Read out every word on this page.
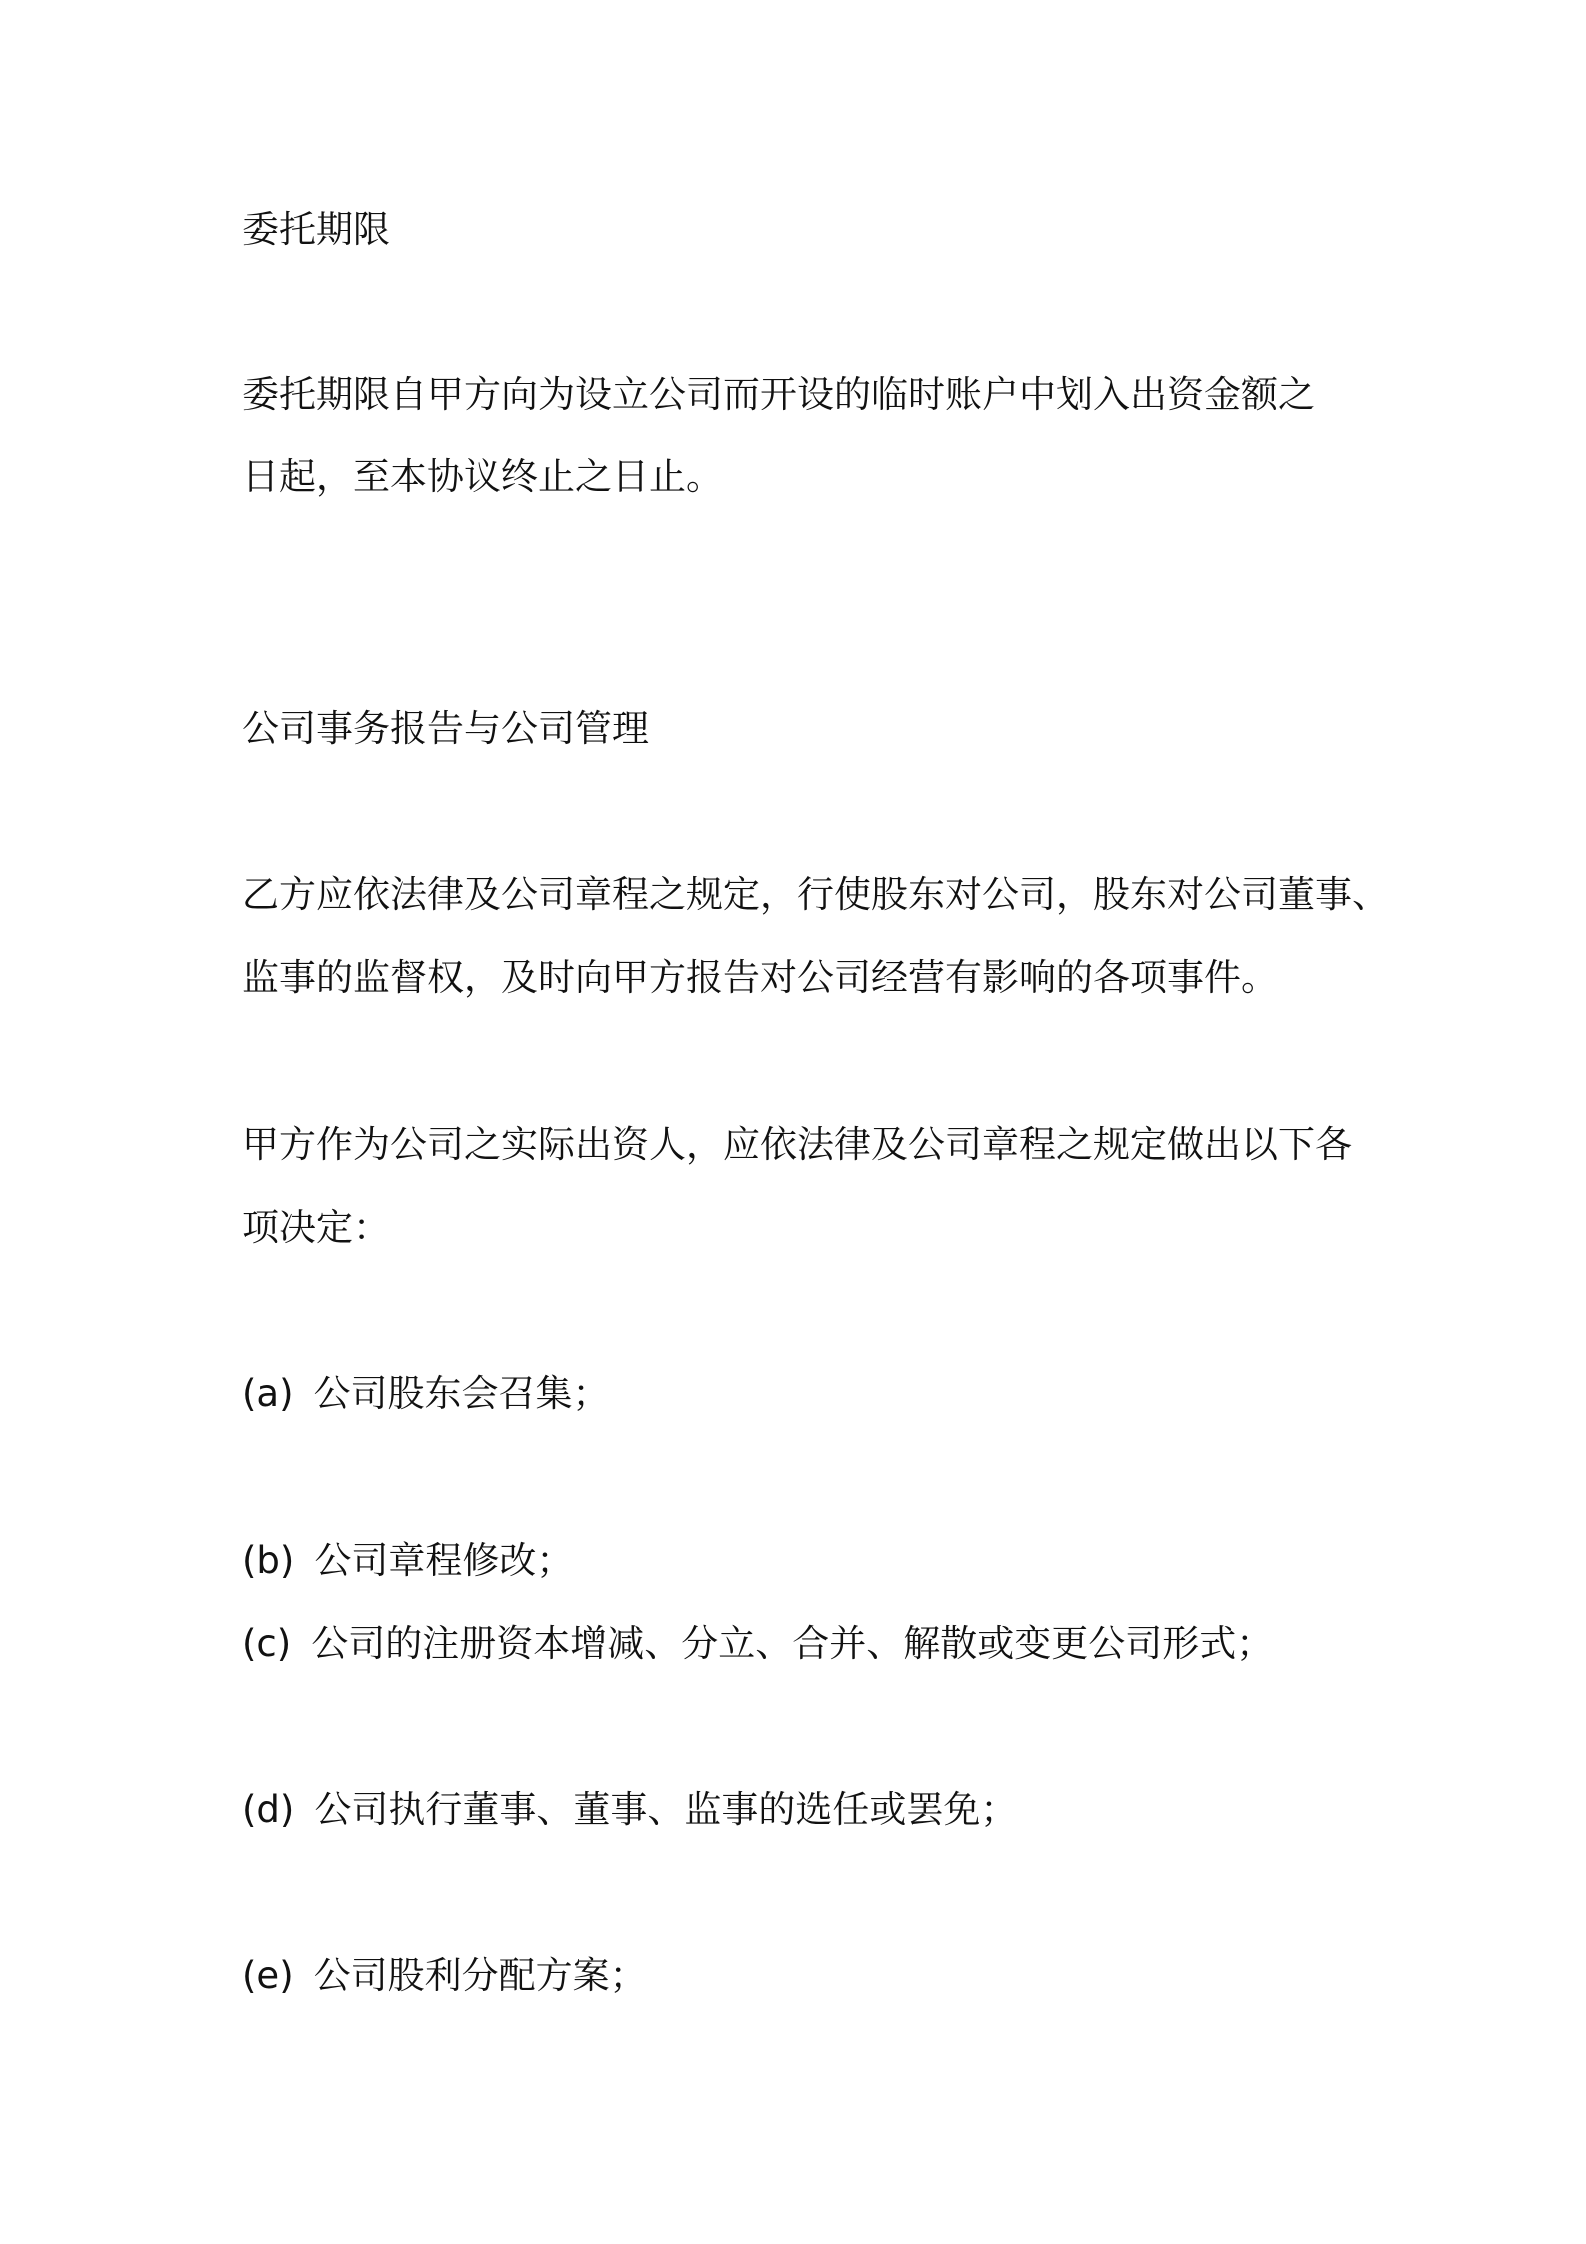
委托期限
委托期限自甲方向为设立公司而开设的临时账户中划入出资金额之
日起，至本协议终止之日止。
公司事务报告与公司管理
乙方应依法律及公司章程之规定，行使股东对公司，股东对公司董事、
监事的监督权，及时向甲方报告对公司经营有影响的各项事件。
甲方作为公司之实际出资人，应依法律及公司章程之规定做出以下各
项决定：
(a) 公司股东会召集；
(b) 公司章程修改；
(c) 公司的注册资本增减、分立、合并、解散或变更公司形式；
(d) 公司执行董事、董事、监事的选任或罢免；
(e) 公司股利分配方案；
